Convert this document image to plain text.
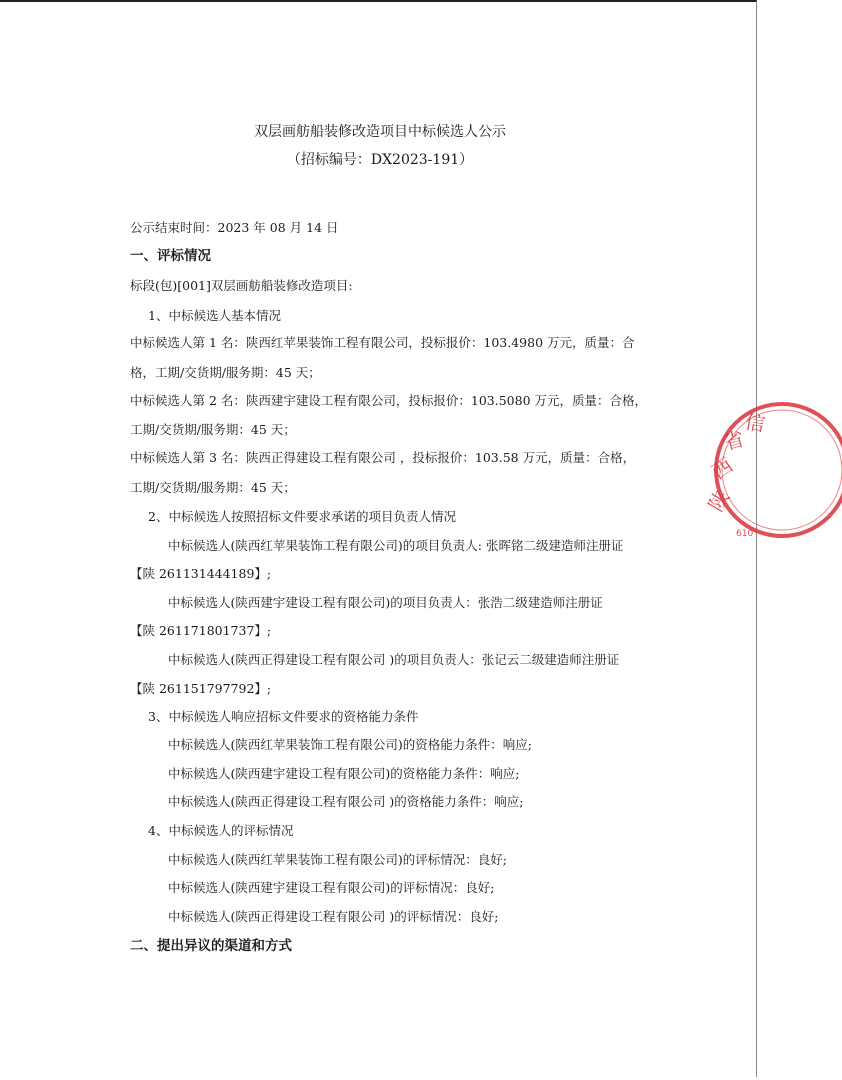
双层画舫船装修改造项目中标候选人公示
（招标编号：DX2023-191）
公示结束时间：2023 年 08 月 14 日
一、评标情况
标段(包)[001]双层画舫船装修改造项目:
1、中标候选人基本情况
中标候选人第 1 名：陕西红苹果装饰工程有限公司，投标报价：103.4980 万元，质量：合
格，工期/交货期/服务期：45 天；
中标候选人第 2 名：陕西建宇建设工程有限公司，投标报价：103.5080 万元，质量：合格，
工期/交货期/服务期：45 天；
中标候选人第 3 名：陕西正得建设工程有限公司 ，投标报价：103.58 万元，质量：合格，
工期/交货期/服务期：45 天；
2、中标候选人按照招标文件要求承诺的项目负责人情况
中标候选人(陕西红苹果装饰工程有限公司)的项目负责人: 张晖铭二级建造师注册证
【陕 261131444189】;
中标候选人(陕西建宇建设工程有限公司)的项目负责人：张浩二级建造师注册证
【陕 261171801737】;
中标候选人(陕西正得建设工程有限公司 )的项目负责人：张记云二级建造师注册证
【陕 261151797792】;
3、中标候选人响应招标文件要求的资格能力条件
中标候选人(陕西红苹果装饰工程有限公司)的资格能力条件：响应;
中标候选人(陕西建宇建设工程有限公司)的资格能力条件：响应;
中标候选人(陕西正得建设工程有限公司 )的资格能力条件：响应;
4、中标候选人的评标情况
中标候选人(陕西红苹果装饰工程有限公司)的评标情况：良好;
中标候选人(陕西建宇建设工程有限公司)的评标情况：良好;
中标候选人(陕西正得建设工程有限公司 )的评标情况：良好;
二、提出异议的渠道和方式
陕
西
省
信
610
